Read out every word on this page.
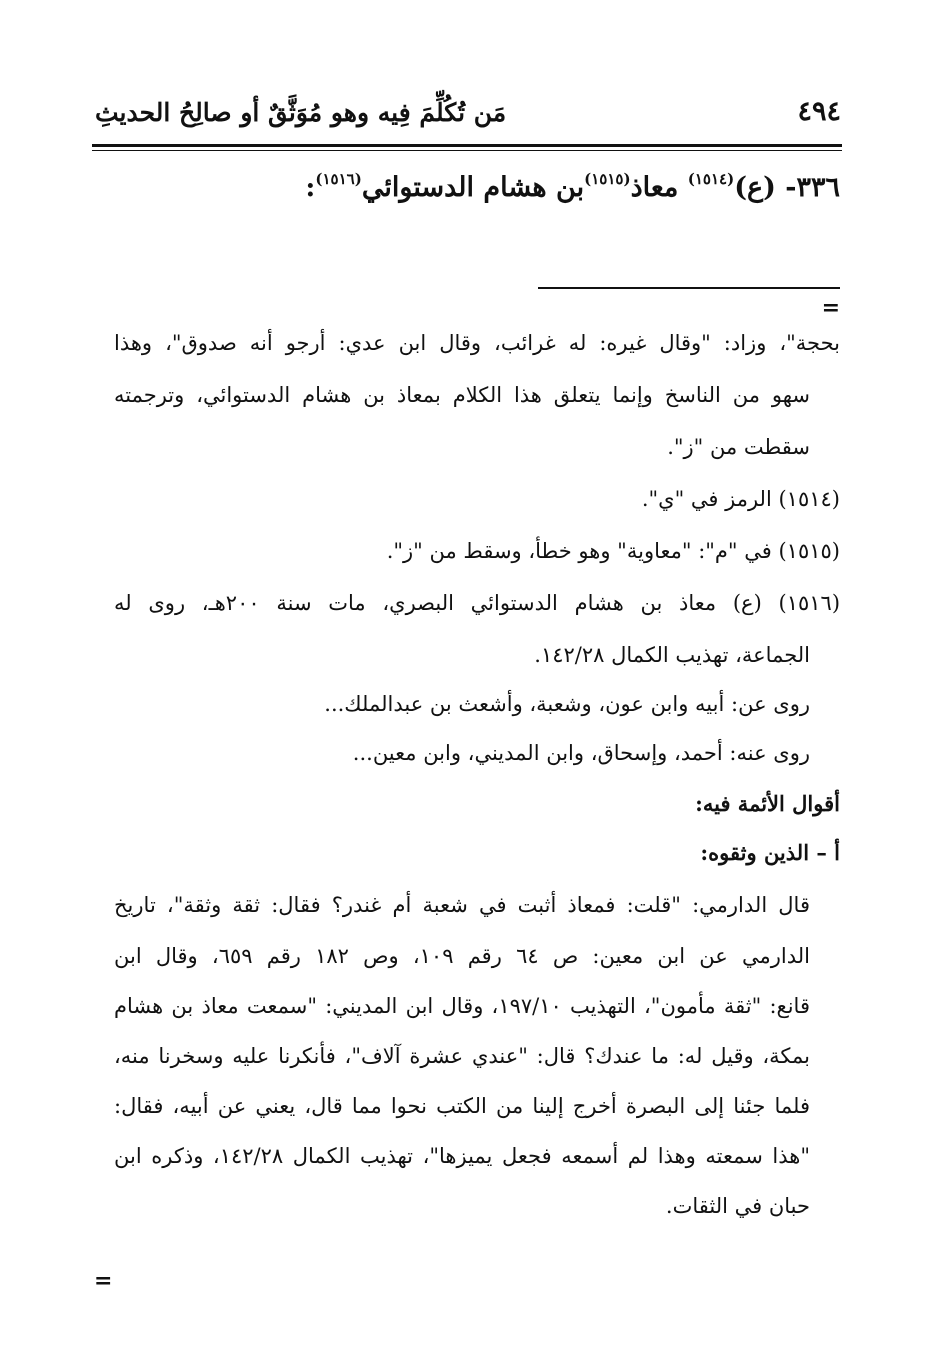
٤٩٤
مَن تُكُلِّمَ فِيه وهو مُوَثَّقٌ أو صالِحُ الحديثِ
٣٣٦- (ع)$^{(١٥١٤)}$ معاذ$^{(١٥١٥)}$بن هشام الدستوائي$^{(١٥١٦)}$:
=
بحجة"، وزاد: "وقال غيره: له غرائب، وقال ابن عدي: أرجو أنه صدوق"، وهذا
سهو من الناسخ وإنما يتعلق هذا الكلام بمعاذ بن هشام الدستوائي، وترجمته
سقطت من "ز".
(١٥١٤) الرمز في "ي".
(١٥١٥) في "م": "معاوية" وهو خطأ، وسقط من "ز".
(١٥١٦) (ع) معاذ بن هشام الدستوائي البصري، مات سنة ٢٠٠هـ، روى له
الجماعة، تهذيب الكمال ١٤٢/٢٨.
روى عن: أبيه وابن عون، وشعبة، وأشعث بن عبدالملك...
روى عنه: أحمد، وإسحاق، وابن المديني، وابن معين...
أقوال الأئمة فيه:
أ – الذين وثقوه:
قال الدارمي: "قلت: فمعاذ أثبت في شعبة أم غندر؟ فقال: ثقة وثقة"، تاريخ
الدارمي عن ابن معين: ص ٦٤ رقم ١٠٩، وص ١٨٢ رقم ٦٥٩، وقال ابن
قانع: "ثقة مأمون"، التهذيب ١٩٧/١٠، وقال ابن المديني: "سمعت معاذ بن هشام
بمكة، وقيل له: ما عندك؟ قال: "عندي عشرة آلاف"، فأنكرنا عليه وسخرنا منه،
فلما جئنا إلى البصرة أخرج إلينا من الكتب نحوا مما قال، يعني عن أبيه، فقال:
"هذا سمعته وهذا لم أسمعه فجعل يميزها"، تهذيب الكمال ١٤٢/٢٨، وذكره ابن
حبان في الثقات.
=
